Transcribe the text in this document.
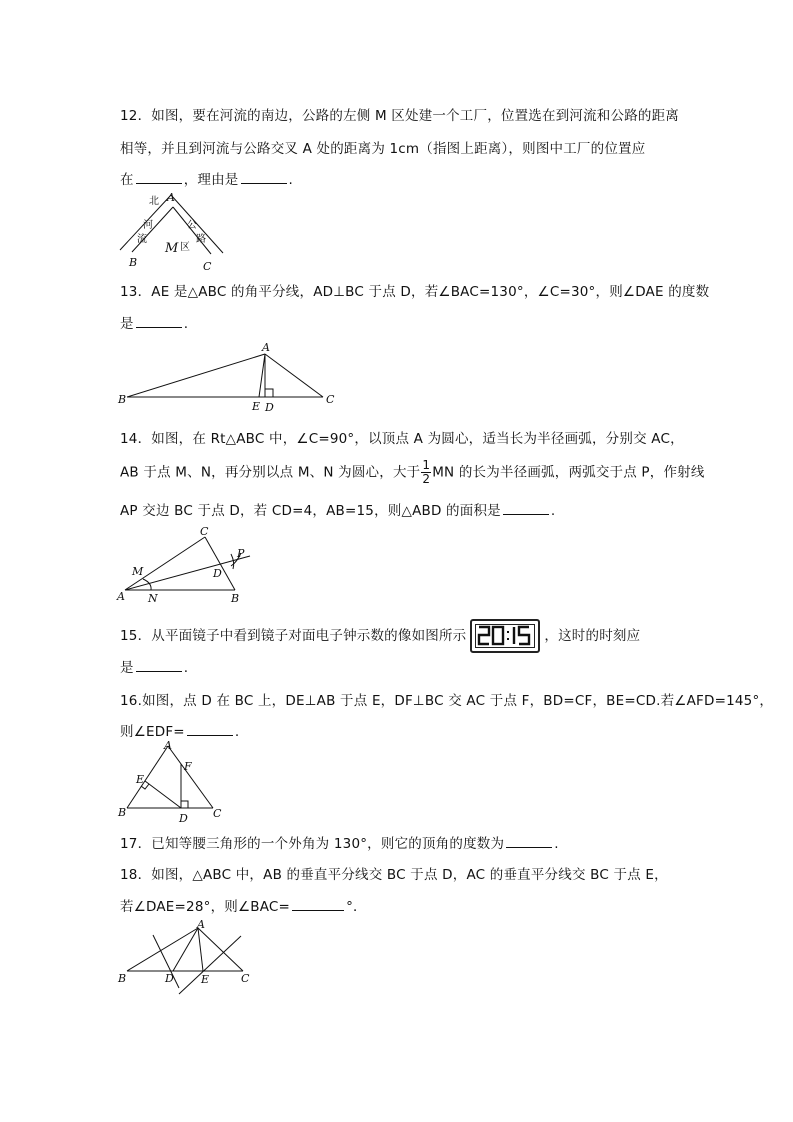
12．如图，要在河流的南边，公路的左侧 M 区处建一个工厂，位置选在到河流和公路的距离
相等，并且到河流与公路交叉 A 处的距离为 1cm（指图上距离），则图中工厂的位置应
在	，理由是	.
北 A
河
流
公
路
M 区
B	C
13．AE 是△ABC 的角平分线，AD⊥BC 于点 D，若∠BAC=130°，∠C=30°，则∠DAE 的度数
是	.
A
B	C
E D
14．如图，在 Rt△ABC 中，∠C=90°，以顶点 A 为圆心，适当长为半径画弧，分别交 AC，
AB 于点 M、N，再分别以点 M、N 为圆心，大于 $\frac{1}{2}$ MN 的长为半径画弧，两弧交于点 P，作射线
AP 交边 BC 于点 D，若 CD=4，AB=15，则△ABD 的面积是	.
C
P
M	D
A N	B
15．从平面镜子中看到镜子对面电子钟示数的像如图所示	，这时的时刻应
是	.
16.如图，点 D 在 BC 上，DE⊥AB 于点 E，DF⊥BC 交 AC 于点 F，BD=CF，BE=CD.若∠AFD=145°，
则∠EDF=	.
A
E
F
B	D C
17．已知等腰三角形的一个外角为 130°，则它的顶角的度数为	.
18．如图，△ABC 中，AB 的垂直平分线交 BC 于点 D，AC 的垂直平分线交 BC 于点 E，
若∠DAE=28°，则∠BAC=	°．
A
B	D E	C
